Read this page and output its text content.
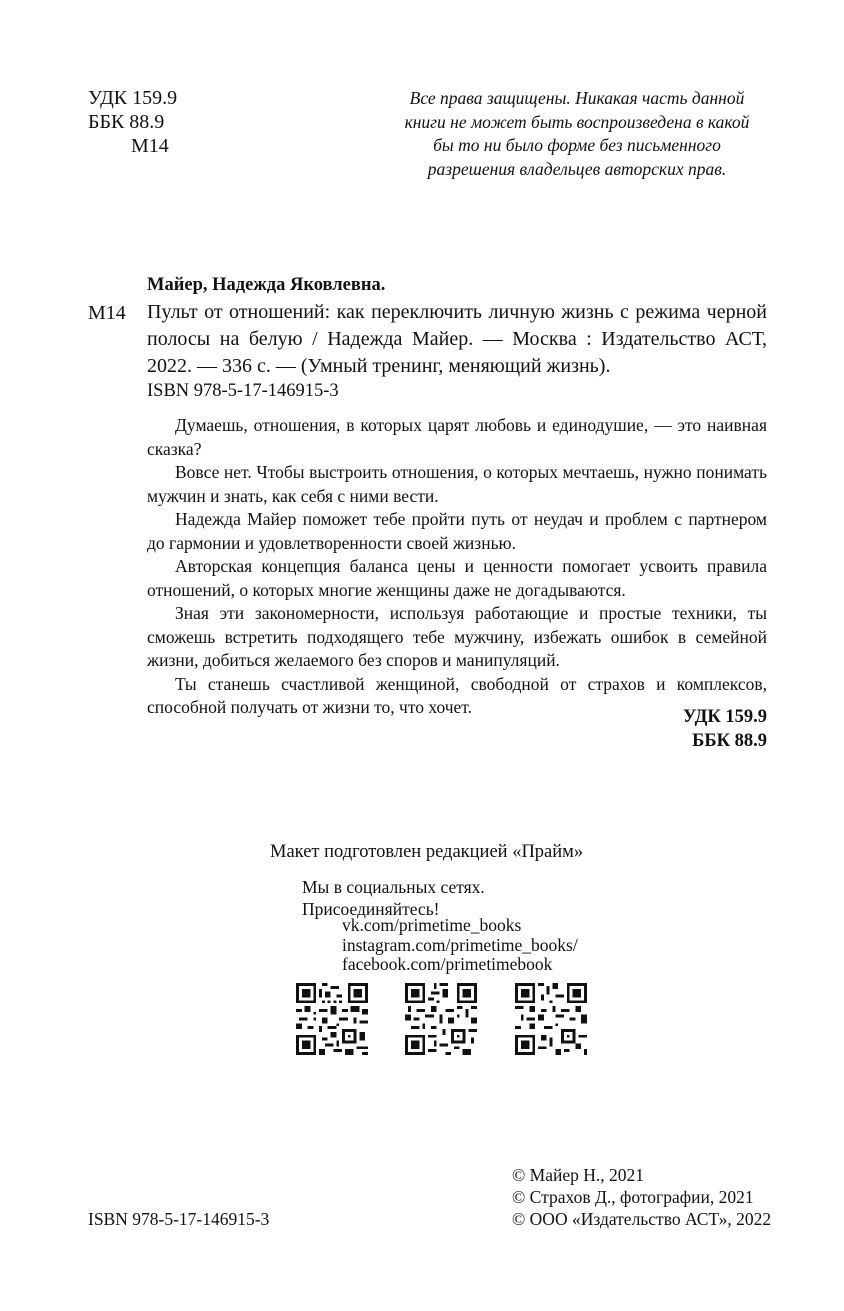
УДК 159.9
ББК 88.9
М14
Все права защищены. Никакая часть данной
книги не может быть воспроизведена в какой
бы то ни было форме без письменного
разрешения владельцев авторских прав.
Майер, Надежда Яковлевна.
М14 Пульт от отношений: как переключить личную жизнь с режима черной полосы на белую / Надежда Майер. — Москва : Издательство АСТ, 2022. — 336 с. — (Умный тренинг, меняющий жизнь).
ISBN 978-5-17-146915-3
Думаешь, отношения, в которых царят любовь и единодушие, — это наивная сказка?
Вовсе нет. Чтобы выстроить отношения, о которых мечтаешь, нужно понимать мужчин и знать, как себя с ними вести.
Надежда Майер поможет тебе пройти путь от неудач и проблем с партнером до гармонии и удовлетворенности своей жизнью.
Авторская концепция баланса цены и ценности помогает усвоить правила отношений, о которых многие женщины даже не догадываются.
Зная эти закономерности, используя работающие и простые техники, ты сможешь встретить подходящего тебе мужчину, избежать ошибок в семейной жизни, добиться желаемого без споров и манипуляций.
Ты станешь счастливой женщиной, свободной от страхов и комплексов, способной получать от жизни то, что хочет.	УДК 159.9
ББК 88.9
Макет подготовлен редакцией «Прайм»
Мы в социальных сетях.
Присоединяйтесь!
vk.com/primetime_books
instagram.com/primetime_books/
facebook.com/primetimebook
ISBN 978-5-17-146915-3
© Майер Н., 2021
© Страхов Д., фотографии, 2021
© ООО «Издательство АСТ», 2022
